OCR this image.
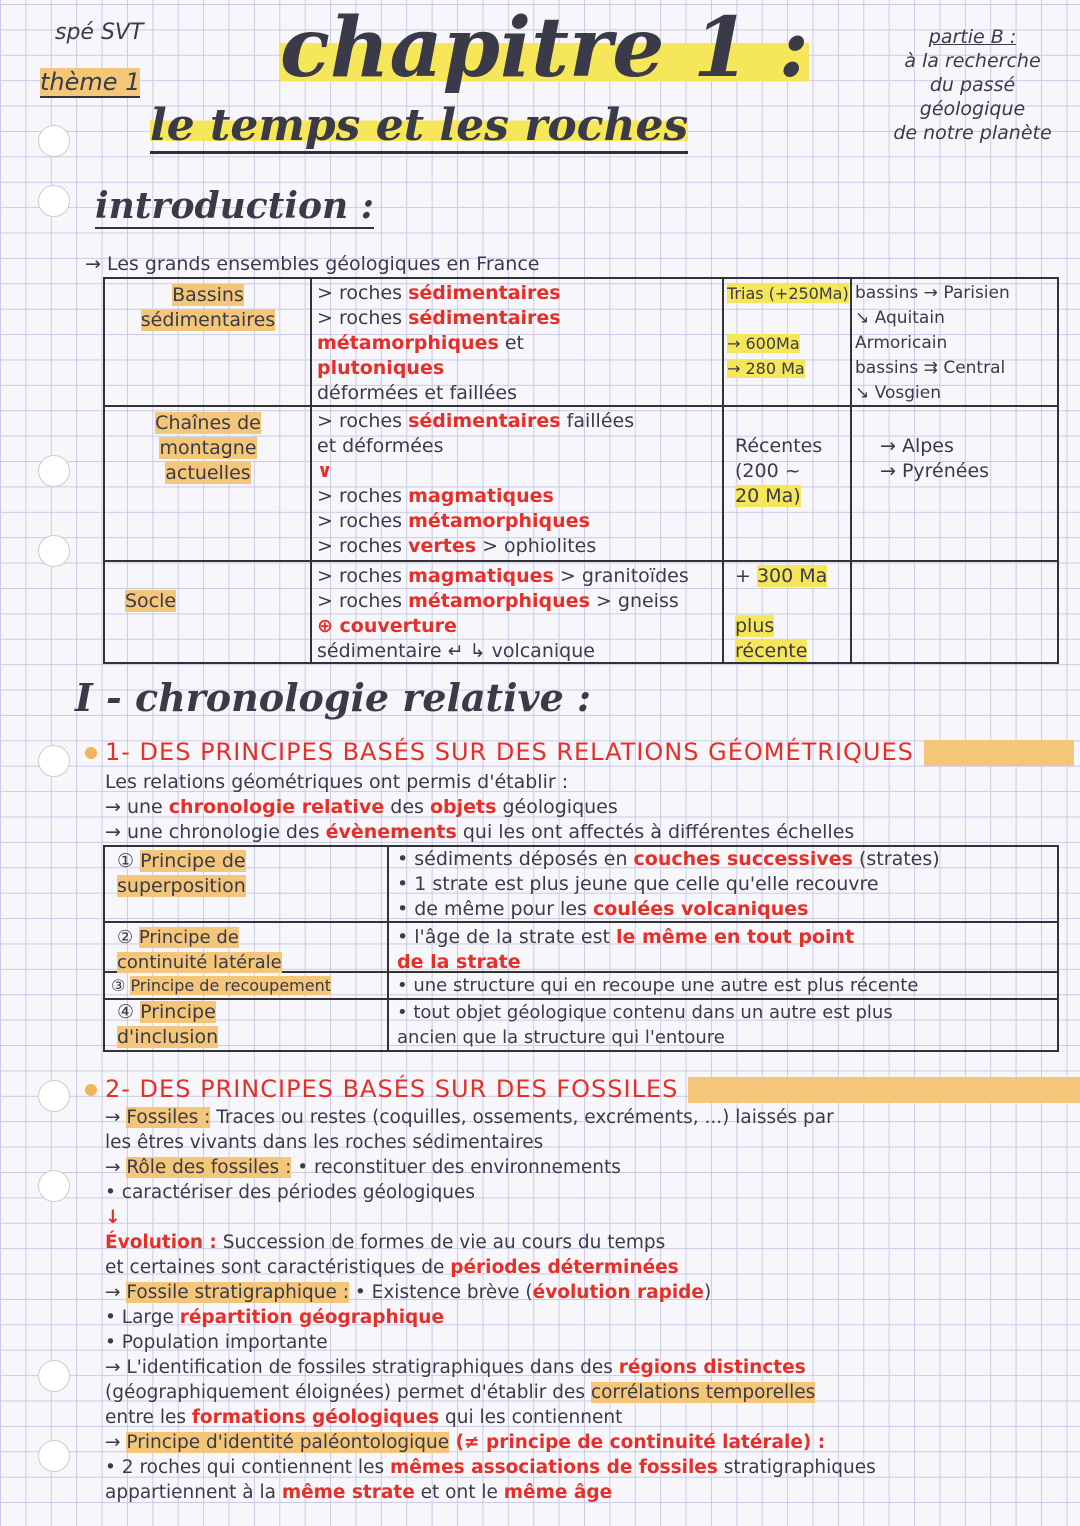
spé SVT
thème 1 chapitre 1 :
le temps et les roches
partie B :
à la recherche
du passé géologique
de notre planète
introduction :
→ Les grands ensembles géologiques en France
Bassins
sédimentaires
> roches sédimentaires
> roches sédimentaires
métamorphiques et
plutoniques
déformées et faillées
Trias (+250Ma)
→ 600Ma
→ 280 Ma
bassins → Parisien
↘ Aquitain
Armoricain
bassins ⇉ Central
↘ Vosgien
Chaînes de
montagne
actuelles
> roches sédimentaires faillées
et déformées
∨
> roches magmatiques
> roches métamorphiques
> roches vertes > ophiolites
Récentes
(200 ~
20 Ma)
→ Alpes
→ Pyrénées
Socle
> roches magmatiques > granitoïdes
> roches métamorphiques > gneiss
⊕ couverture
sédimentaire ↵ ↳ volcanique
+ 300 Ma
plus
récente
I - chronologie relative :
1- DES PRINCIPES BASÉS SUR DES RELATIONS GÉOMÉTRIQUES
Les relations géométriques ont permis d'établir :
→ une chronologie relative des objets géologiques
→ une chronologie des évènements qui les ont affectés à différentes échelles
① Principe de
superposition
• sédiments déposés en couches successives (strates)
• 1 strate est plus jeune que celle qu'elle recouvre
• de même pour les coulées volcaniques
② Principe de
continuité latérale
• l'âge de la strate est le même en tout point
de la strate
③ Principe de recoupement	• une structure qui en recoupe une autre est plus récente
④ Principe
d'inclusion
• tout objet géologique contenu dans un autre est plus
ancien que la structure qui l'entoure
2- DES PRINCIPES BASÉS SUR DES FOSSILES
→ Fossiles : Traces ou restes (coquilles, ossements, excréments, ...) laissés par
les êtres vivants dans les roches sédimentaires
→ Rôle des fossiles : • reconstituer des environnements
• caractériser des périodes géologiques
↓
Évolution : Succession de formes de vie au cours du temps
et certaines sont caractéristiques de périodes déterminées
→ Fossile stratigraphique : • Existence brève (évolution rapide)
• Large répartition géographique
• Population importante
→ L'identification de fossiles stratigraphiques dans des régions distinctes
(géographiquement éloignées) permet d'établir des corrélations temporelles
entre les formations géologiques qui les contiennent
→ Principe d'identité paléontologique (≠ principe de continuité latérale) :
• 2 roches qui contiennent les mêmes associations de fossiles stratigraphiques
appartiennent à la même strate et ont le même âge
